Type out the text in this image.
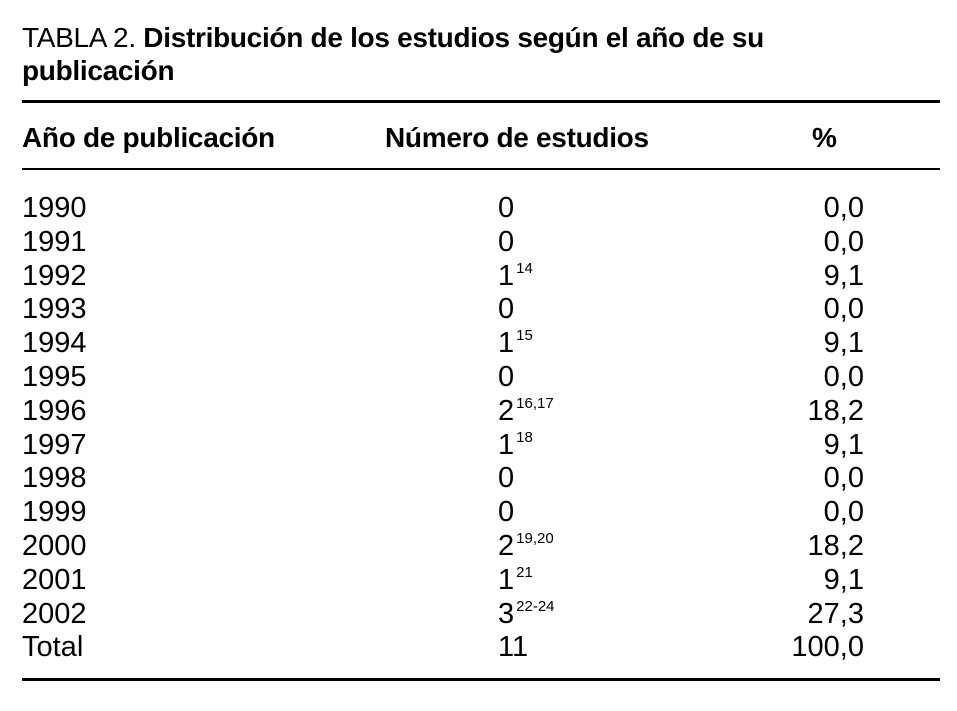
TABLA 2. Distribución de los estudios según el año de su publicación
Año de publicación	Número de estudios	%
1990	0	0,0
1991	0	0,0
1992	1 $^{14}$	9,1
1993	0	0,0
1994	1 $^{15}$	9,1
1995	0	0,0
1996	2 $^{16,17}$	18,2
1997	1 $^{18}$	9,1
1998	0	0,0
1999	0	0,0
2000	2 $^{19,20}$	18,2
2001	1 $^{21}$	9,1
2002	3 $^{22-24}$	27,3
Total	11	100,0
